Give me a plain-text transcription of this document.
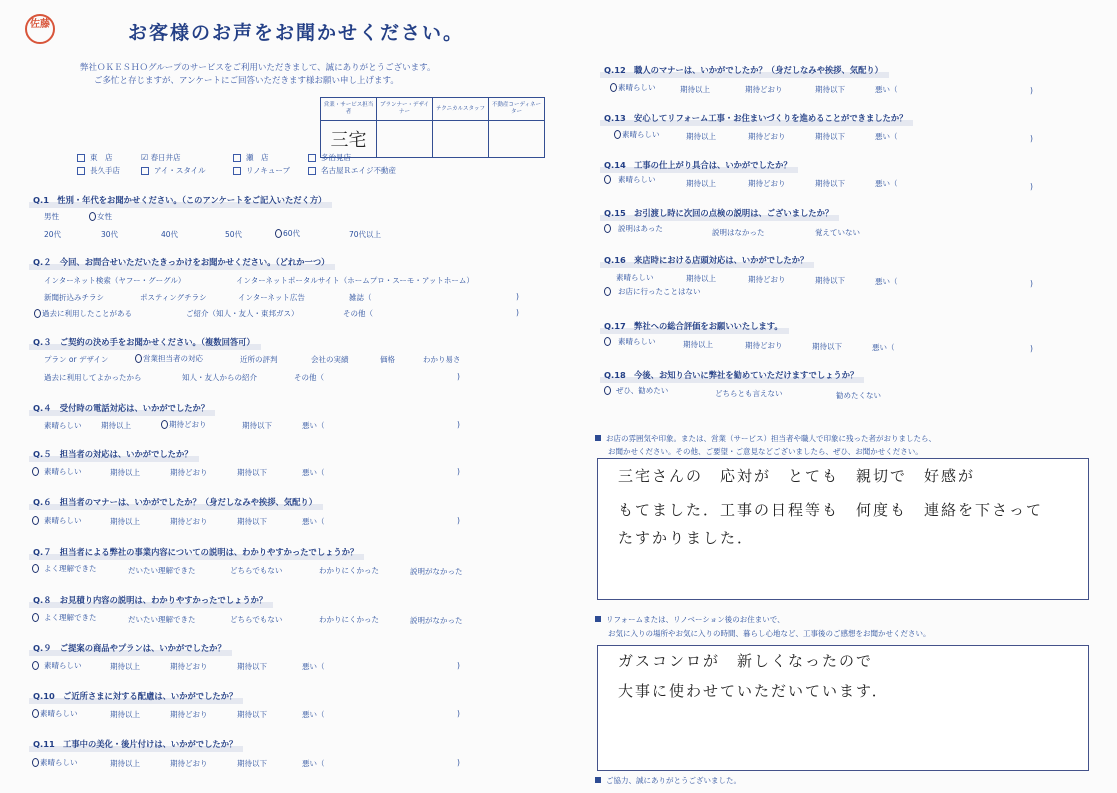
佐藤	お客様のお声をお聞かせください。
弊社ＯＫＥＳＨＯグループのサービスをご利用いただきまして、誠にありがとうございます。
ご多忙と存じますが、アンケートにご回答いただきます様お願い申し上げます。
営業・サービス担当者	プランナー・デザイナー	テクニカルスタッフ	不動産コーディネーター
三宅			
東　店	☑ 春日井店	瀬　店	多治見店
長久手店	アイ・スタイル	リノキューブ	名古屋Ｒエイジ不動産
Q.1　性別・年代をお聞かせください。（このアンケートをご記入いただく方）
男性	女性
20代	30代	40代	50代	60代	70代以上
Q.２　今回、お問合せいただいたきっかけをお聞かせください。（どれか一つ）
インターネット検索（ヤフー・グーグル）	インターネットポータルサイト（ホームプロ・スーモ・アットホーム）
新聞折込みチラシ	ポスティングチラシ	インターネット広告	雑誌（	)
過去に利用したことがある	ご紹介（知人・友人・東邦ガス）	その他（	)
Q.３　ご契約の決め手をお聞かせください。（複数回答可）
プラン or デザイン	営業担当者の対応	近所の評判	会社の実績	価格	わかり易さ
過去に利用してよかったから	知人・友人からの紹介	その他（	)
Q.４　受付時の電話対応は、いかがでしたか？
素晴らしい	期待以上	期待どおり	期待以下	悪い（	)
Q.５　担当者の対応は、いかがでしたか？
素晴らしい	期待以上	期待どおり	期待以下	悪い（	)
Q.６　担当者のマナーは、いかがでしたか？（身だしなみや挨拶、気配り）
素晴らしい	期待以上	期待どおり	期待以下	悪い（	)
Q.７　担当者による弊社の事業内容についての説明は、わかりやすかったでしょうか？
よく理解できた	だいたい理解できた	どちらでもない	わかりにくかった	説明がなかった
Q.８　お見積り内容の説明は、わかりやすかったでしょうか？
よく理解できた	だいたい理解できた	どちらでもない	わかりにくかった	説明がなかった
Q.９　ご提案の商品やプランは、いかがでしたか？
素晴らしい	期待以上	期待どおり	期待以下	悪い（	)
Q.10　ご近所さまに対する配慮は、いかがでしたか？
素晴らしい	期待以上	期待どおり	期待以下	悪い（	)
Q.11　工事中の美化・後片付けは、いかがでしたか？
素晴らしい	期待以上	期待どおり	期待以下	悪い（	)
Q.12　職人のマナーは、いかがでしたか？（身だしなみや挨拶、気配り）
素晴らしい	期待以上	期待どおり	期待以下	悪い（	)
Q.13　安心してリフォーム工事・お住まいづくりを進めることができましたか？
素晴らしい	期待以上	期待どおり	期待以下	悪い（	)
Q.14　工事の仕上がり具合は、いかがでしたか？
素晴らしい	期待以上	期待どおり	期待以下	悪い（	)
Q.15　お引渡し時に次回の点検の説明は、ございましたか？
説明はあった	説明はなかった	覚えていない
Q.16　来店時における店頭対応は、いかがでしたか？
素晴らしい	期待以上	期待どおり	期待以下	悪い（	)
お店に行ったことはない
Q.17　弊社への総合評価をお願いいたします。
素晴らしい	期待以上	期待どおり	期待以下	悪い（	)
Q.18　今後、お知り合いに弊社を勧めていただけますでしょうか？
ぜひ、勧めたい	どちらとも言えない	勧めたくない
お店の雰囲気や印象。または、営業（サービス）担当者や職人で印象に残った者がおりましたら、
お聞かせください。その他、ご要望・ご意見などございましたら、ぜひ、お聞かせください。
三宅さんの　応対が　とても　親切で　好感が
もてました．工事の日程等も　何度も　連絡を下さって
たすかりました．
リフォームまたは、リノベーション後のお住まいで、
お気に入りの場所やお気に入りの時間、暮らし心地など、工事後のご感想をお聞かせください。
ガスコンロが　新しくなったので
大事に使わせていただいています．
ご協力、誠にありがとうございました。
